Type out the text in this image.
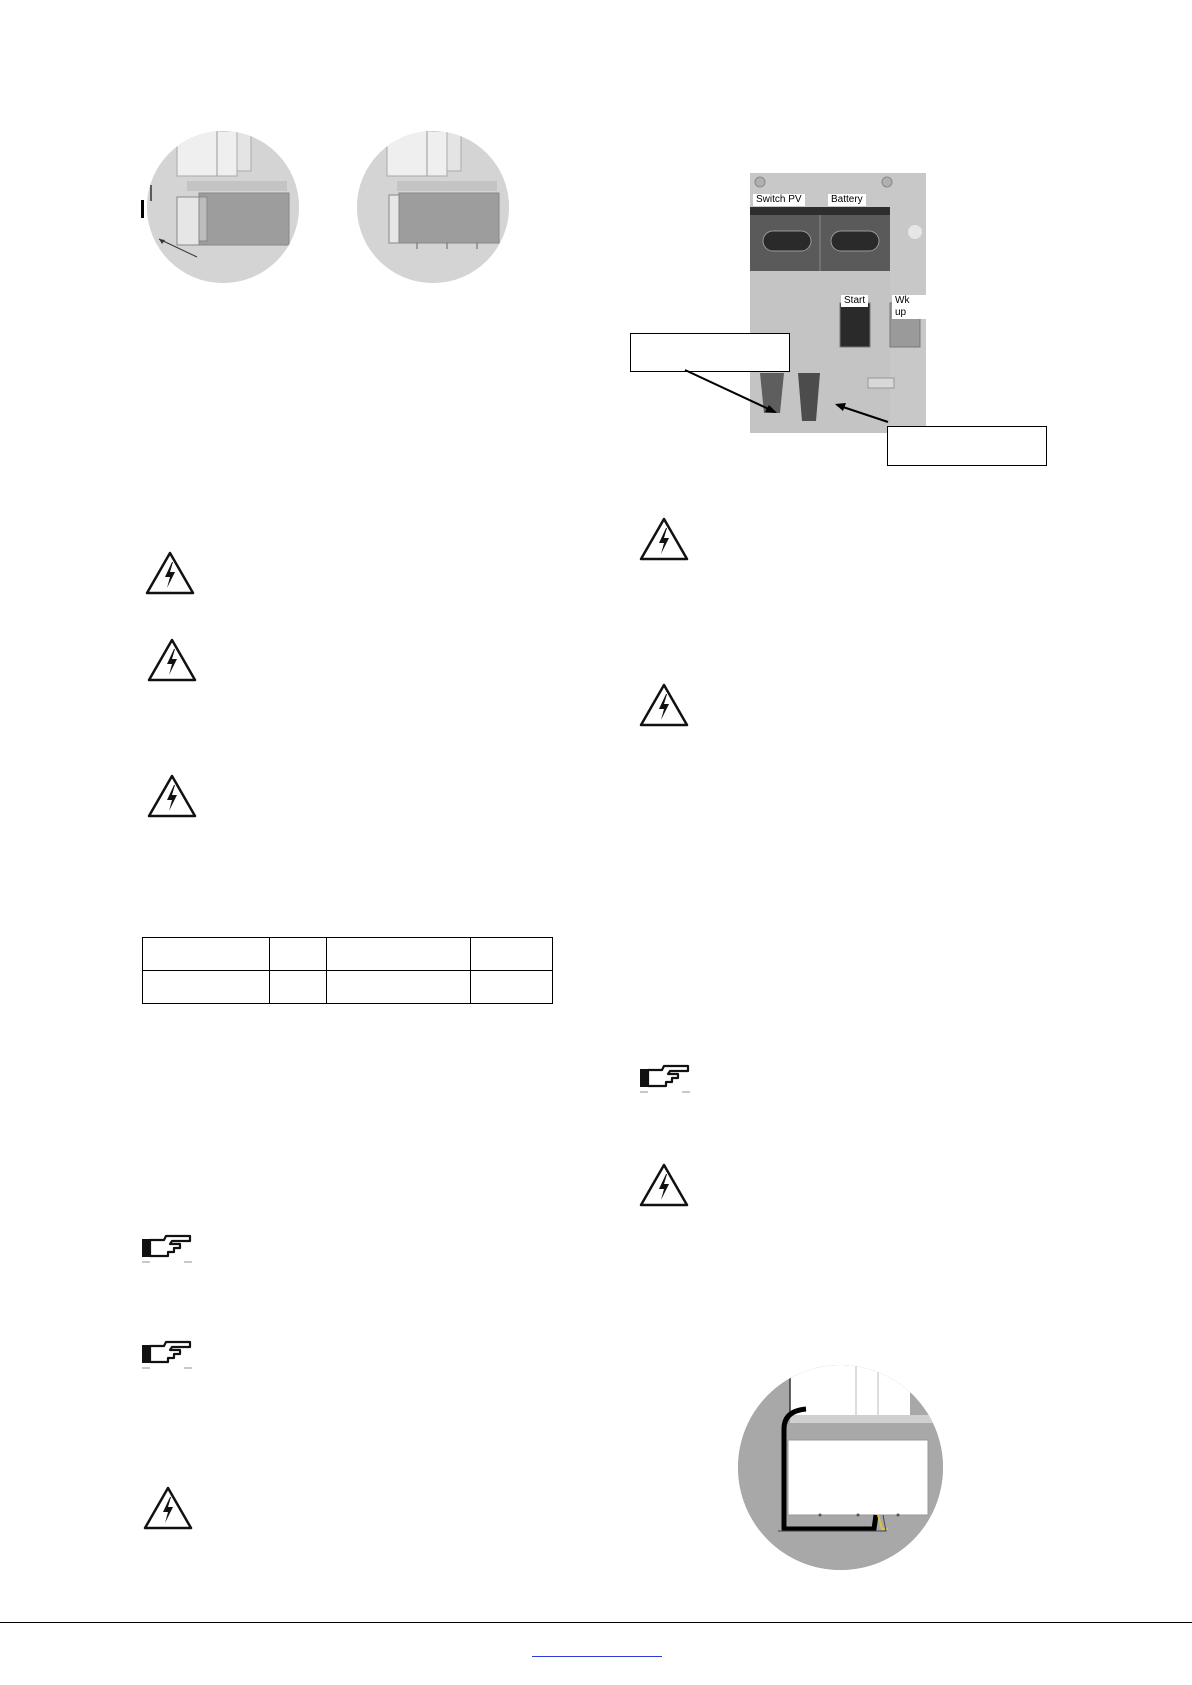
Switch PV	Battery
Start	Wk up
